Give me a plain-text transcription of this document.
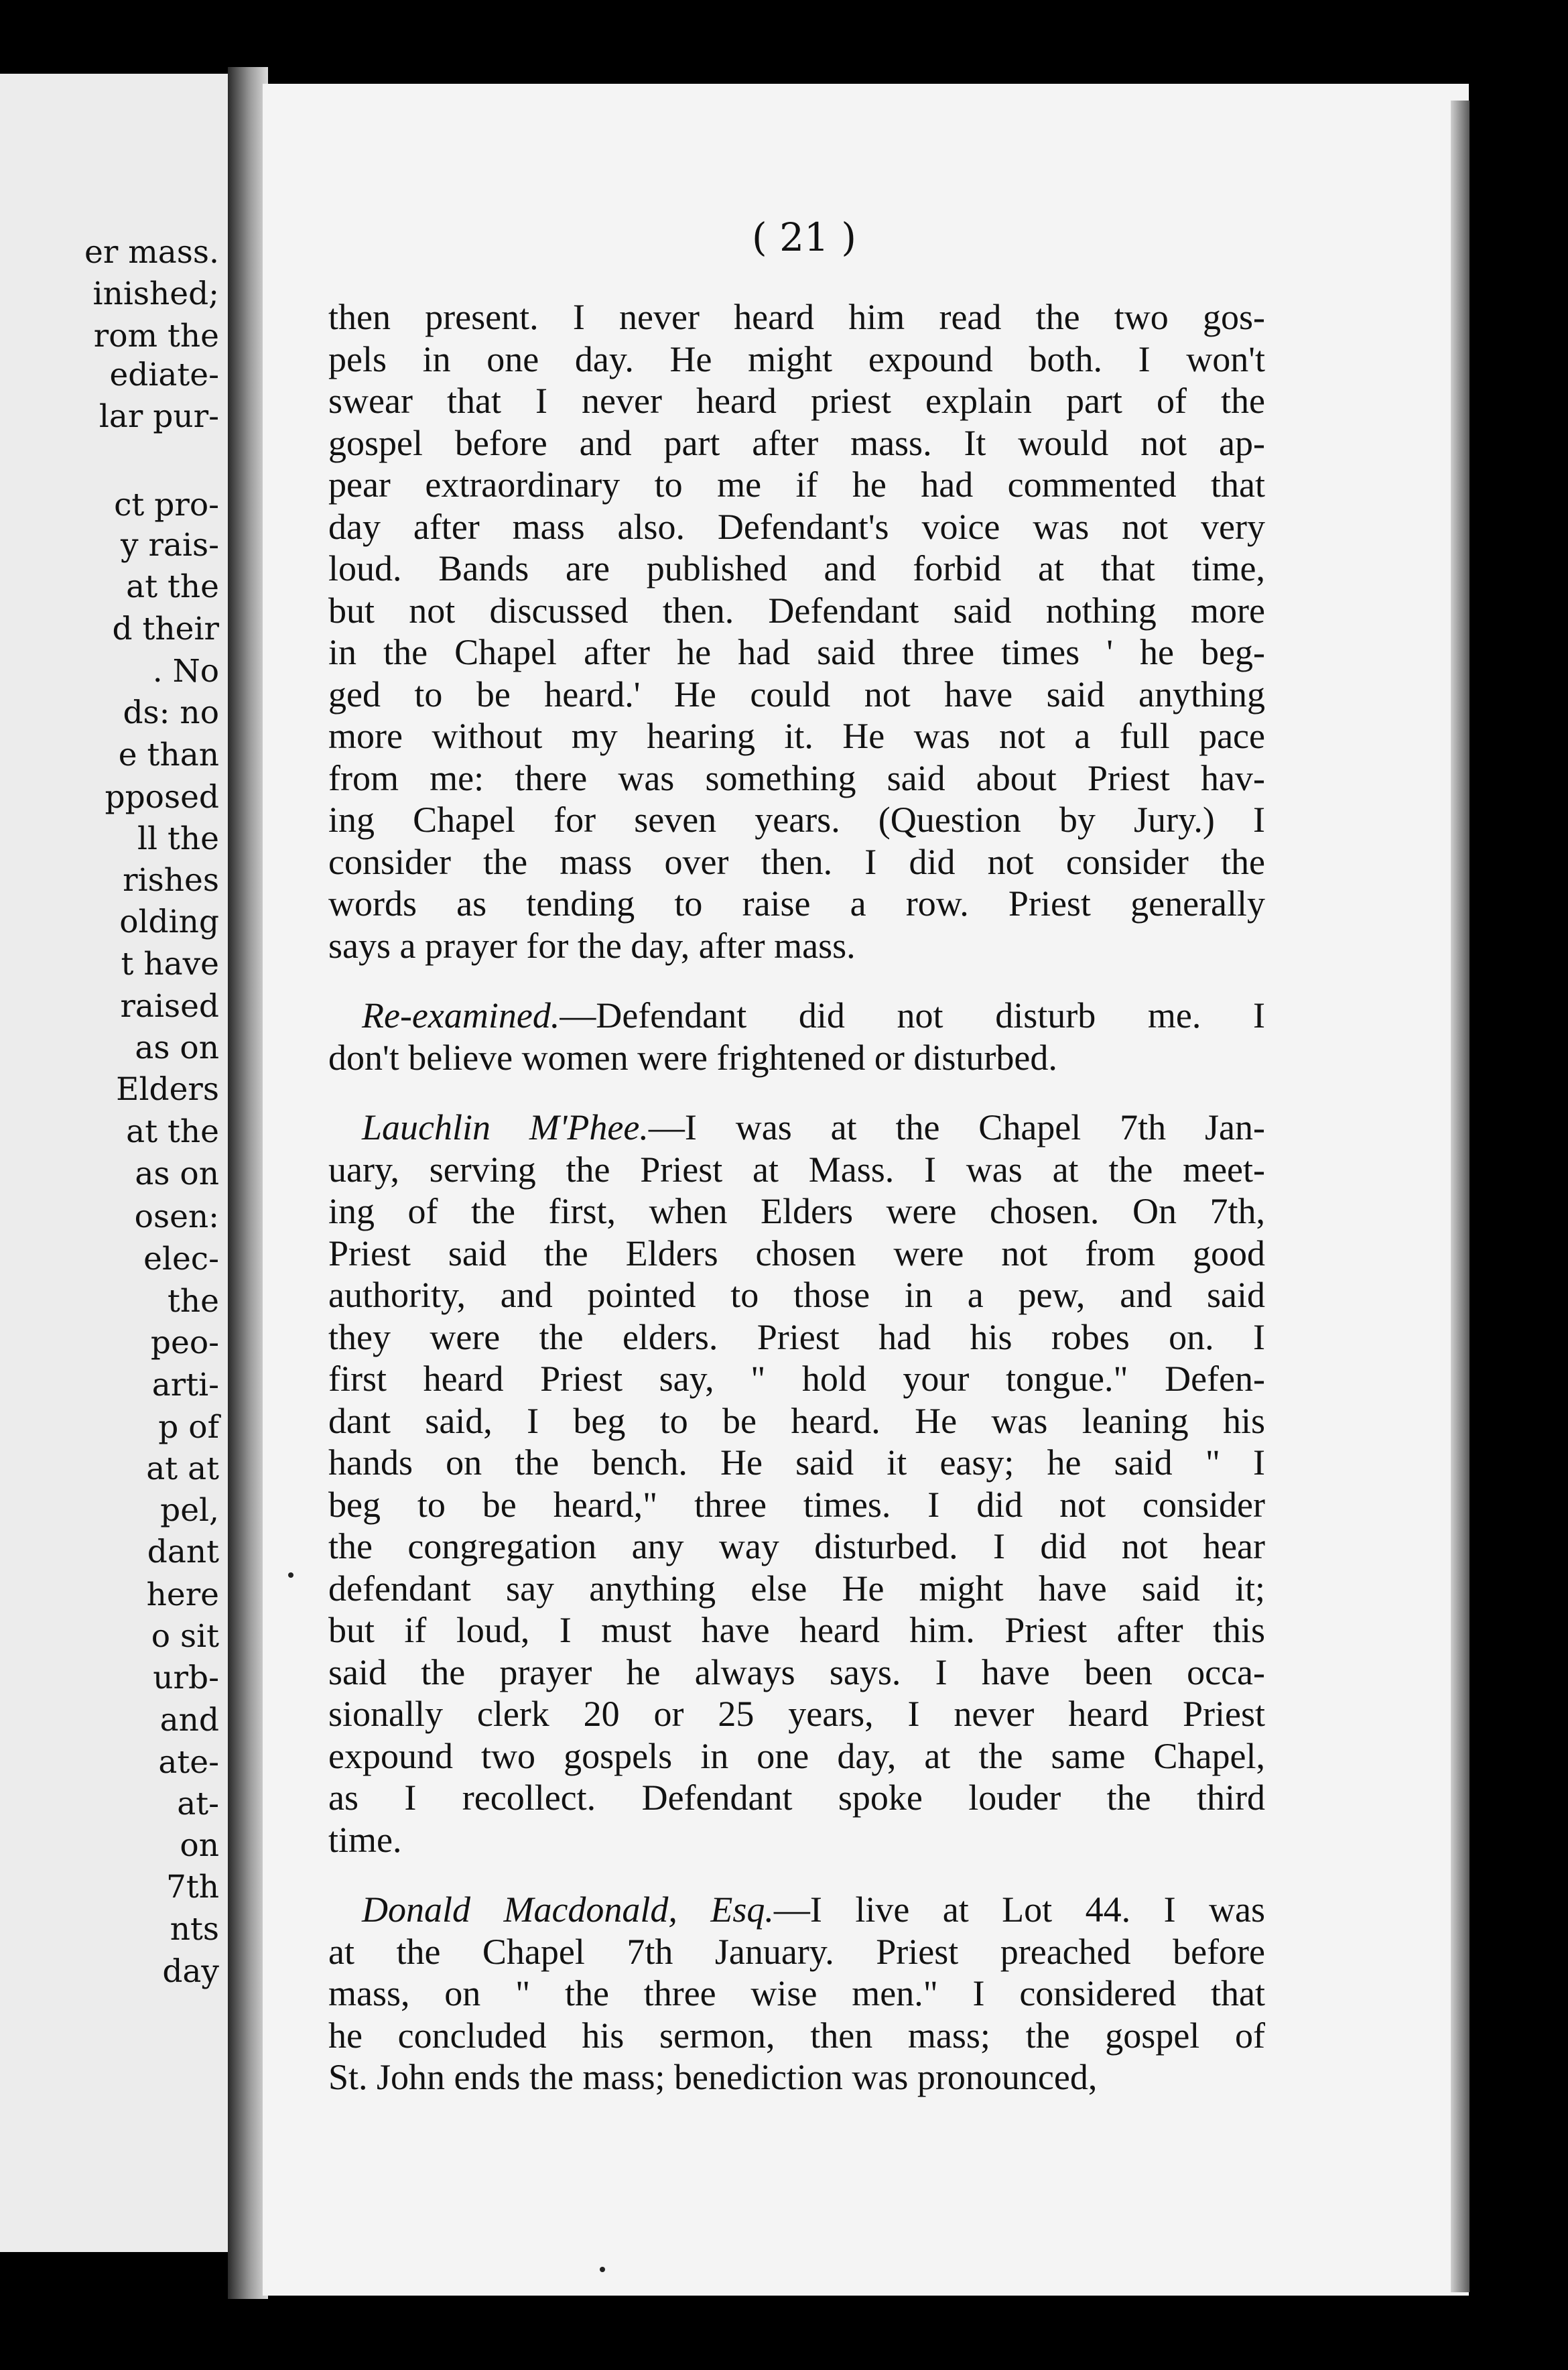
er mass.
inished;
rom the
ediate-
lar pur-
ct pro-
y rais-
at the
d their
. No
ds: no
e than
pposed
ll the
rishes
olding
t have
raised
as on
Elders
at the
as on
osen:
elec-
the
peo-
arti-
p of
at at
pel,
dant
here
o sit
urb-
and
ate-
at-
on
7th
nts
day
( 21 )
then present. I never heard him read the two gos-
pels in one day. He might expound both. I won't
swear that I never heard priest explain part of the
gospel before and part after mass. It would not ap-
pear extraordinary to me if he had commented that
day after mass also. Defendant's voice was not very
loud. Bands are published and forbid at that time,
but not discussed then. Defendant said nothing more
in the Chapel after he had said three times ' he beg-
ged to be heard.' He could not have said anything
more without my hearing it. He was not a full pace
from me: there was something said about Priest hav-
ing Chapel for seven years. (Question by Jury.) I
consider the mass over then. I did not consider the
words as tending to raise a row. Priest generally
says a prayer for the day, after mass.
Re-examined.—Defendant did not disturb me. I
don't believe women were frightened or disturbed.
Lauchlin M'Phee.—I was at the Chapel 7th Jan-
uary, serving the Priest at Mass. I was at the meet-
ing of the first, when Elders were chosen. On 7th,
Priest said the Elders chosen were not from good
authority, and pointed to those in a pew, and said
they were the elders. Priest had his robes on. I
first heard Priest say, " hold your tongue." Defen-
dant said, I beg to be heard. He was leaning his
hands on the bench. He said it easy; he said " I
beg to be heard," three times. I did not consider
the congregation any way disturbed. I did not hear
defendant say anything else He might have said it;
but if loud, I must have heard him. Priest after this
said the prayer he always says. I have been occa-
sionally clerk 20 or 25 years, I never heard Priest
expound two gospels in one day, at the same Chapel,
as I recollect. Defendant spoke louder the third
time.
Donald Macdonald, Esq.—I live at Lot 44. I was
at the Chapel 7th January. Priest preached before
mass, on " the three wise men." I considered that
he concluded his sermon, then mass; the gospel of
St. John ends the mass; benediction was pronounced,
